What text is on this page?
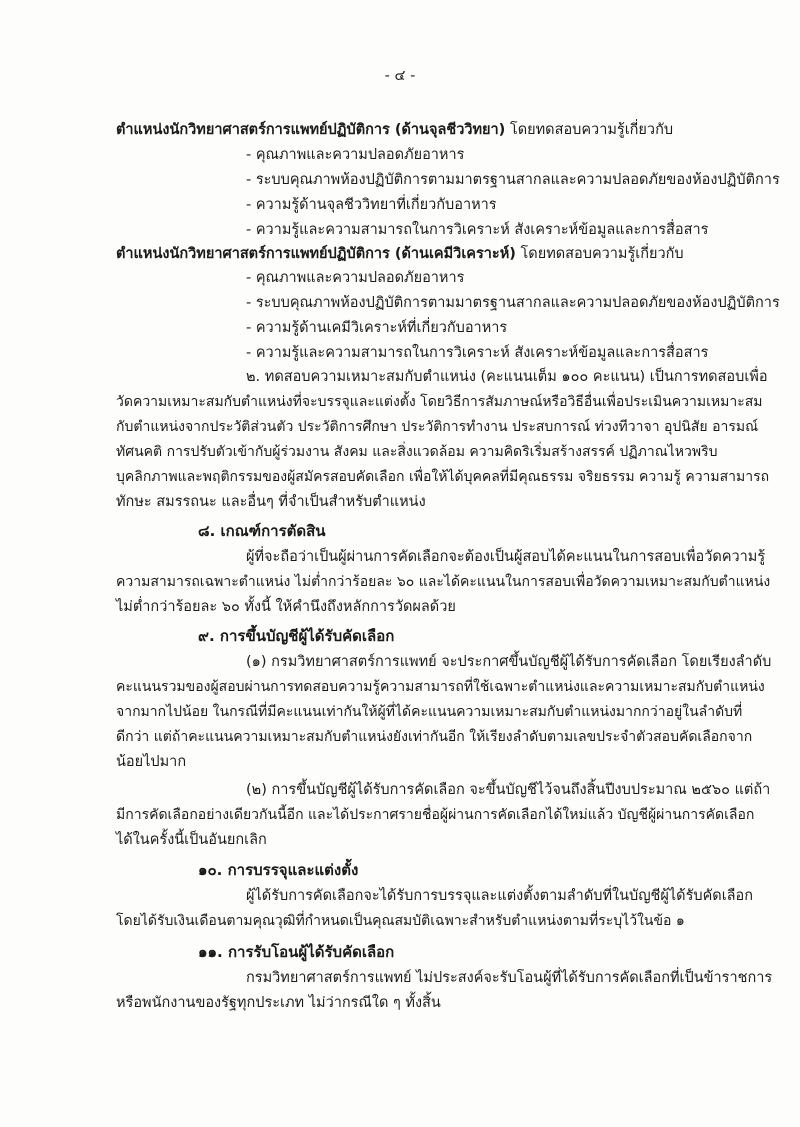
- ๔ -
ตำแหน่งนักวิทยาศาสตร์การแพทย์ปฏิบัติการ (ด้านจุลชีววิทยา) โดยทดสอบความรู้เกี่ยวกับ
- คุณภาพและความปลอดภัยอาหาร
- ระบบคุณภาพห้องปฏิบัติการตามมาตรฐานสากลและความปลอดภัยของห้องปฏิบัติการ
- ความรู้ด้านจุลชีววิทยาที่เกี่ยวกับอาหาร
- ความรู้และความสามารถในการวิเคราะห์ สังเคราะห์ข้อมูลและการสื่อสาร
ตำแหน่งนักวิทยาศาสตร์การแพทย์ปฏิบัติการ (ด้านเคมีวิเคราะห์) โดยทดสอบความรู้เกี่ยวกับ
- คุณภาพและความปลอดภัยอาหาร
- ระบบคุณภาพห้องปฏิบัติการตามมาตรฐานสากลและความปลอดภัยของห้องปฏิบัติการ
- ความรู้ด้านเคมีวิเคราะห์ที่เกี่ยวกับอาหาร
- ความรู้และความสามารถในการวิเคราะห์ สังเคราะห์ข้อมูลและการสื่อสาร
๒. ทดสอบความเหมาะสมกับตำแหน่ง (คะแนนเต็ม ๑๐๐ คะแนน) เป็นการทดสอบเพื่อ
วัดความเหมาะสมกับตำแหน่งที่จะบรรจุและแต่งตั้ง โดยวิธีการสัมภาษณ์หรือวิธีอื่นเพื่อประเมินความเหมาะสม
กับตำแหน่งจากประวัติส่วนตัว ประวัติการศึกษา ประวัติการทำงาน ประสบการณ์ ท่วงทีวาจา อุปนิสัย อารมณ์
ทัศนคติ การปรับตัวเข้ากับผู้ร่วมงาน สังคม และสิ่งแวดล้อม ความคิดริเริ่มสร้างสรรค์ ปฏิภาณไหวพริบ
บุคลิกภาพและพฤติกรรมของผู้สมัครสอบคัดเลือก เพื่อให้ได้บุคคลที่มีคุณธรรม จริยธรรม ความรู้ ความสามารถ
ทักษะ สมรรถนะ และอื่นๆ ที่จำเป็นสำหรับตำแหน่ง
๘. เกณฑ์การตัดสิน
ผู้ที่จะถือว่าเป็นผู้ผ่านการคัดเลือกจะต้องเป็นผู้สอบได้คะแนนในการสอบเพื่อวัดความรู้
ความสามารถเฉพาะตำแหน่ง ไม่ต่ำกว่าร้อยละ ๖๐ และได้คะแนนในการสอบเพื่อวัดความเหมาะสมกับตำแหน่ง
ไม่ต่ำกว่าร้อยละ ๖๐ ทั้งนี้ ให้คำนึงถึงหลักการวัดผลด้วย
๙. การขึ้นบัญชีผู้ได้รับคัดเลือก
(๑) กรมวิทยาศาสตร์การแพทย์ จะประกาศขึ้นบัญชีผู้ได้รับการคัดเลือก โดยเรียงลำดับ
คะแนนรวมของผู้สอบผ่านการทดสอบความรู้ความสามารถที่ใช้เฉพาะตำแหน่งและความเหมาะสมกับตำแหน่ง
จากมากไปน้อย ในกรณีที่มีคะแนนเท่ากันให้ผู้ที่ได้คะแนนความเหมาะสมกับตำแหน่งมากกว่าอยู่ในลำดับที่
ดีกว่า แต่ถ้าคะแนนความเหมาะสมกับตำแหน่งยังเท่ากันอีก ให้เรียงลำดับตามเลขประจำตัวสอบคัดเลือกจาก
น้อยไปมาก
(๒) การขึ้นบัญชีผู้ได้รับการคัดเลือก จะขึ้นบัญชีไว้จนถึงสิ้นปีงบประมาณ ๒๕๖๐ แต่ถ้า
มีการคัดเลือกอย่างเดียวกันนี้อีก และได้ประกาศรายชื่อผู้ผ่านการคัดเลือกได้ใหม่แล้ว บัญชีผู้ผ่านการคัดเลือก
ได้ในครั้งนี้เป็นอันยกเลิก
๑๐. การบรรจุและแต่งตั้ง
ผู้ได้รับการคัดเลือกจะได้รับการบรรจุและแต่งตั้งตามลำดับที่ในบัญชีผู้ได้รับคัดเลือก
โดยได้รับเงินเดือนตามคุณวุฒิที่กำหนดเป็นคุณสมบัติเฉพาะสำหรับตำแหน่งตามที่ระบุไว้ในข้อ ๑
๑๑. การรับโอนผู้ได้รับคัดเลือก
กรมวิทยาศาสตร์การแพทย์ ไม่ประสงค์จะรับโอนผู้ที่ได้รับการคัดเลือกที่เป็นข้าราชการ
หรือพนักงานของรัฐทุกประเภท ไม่ว่ากรณีใด ๆ ทั้งสิ้น
